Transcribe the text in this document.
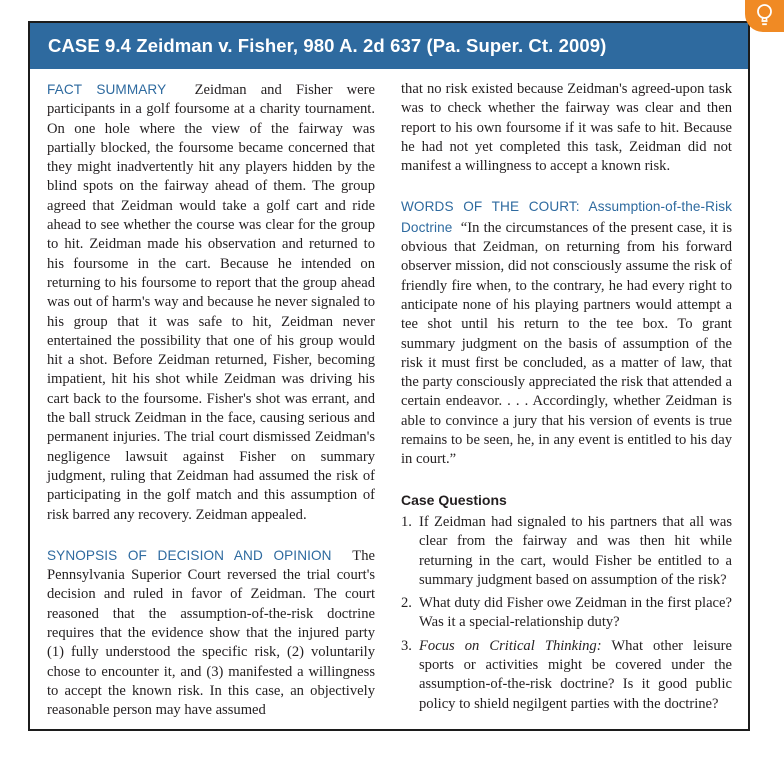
CASE 9.4 Zeidman v. Fisher, 980 A. 2d 637 (Pa. Super. Ct. 2009)

FACT SUMMARY Zeidman and Fisher were participants in a golf foursome at a charity tournament. On one hole where the view of the fairway was partially blocked, the foursome became concerned that they might inadvertently hit any players hidden by the blind spots on the fairway ahead of them. The group agreed that Zeidman would take a golf cart and ride ahead to see whether the course was clear for the group to hit. Zeidman made his observation and returned to his foursome in the cart. Because he intended on returning to his foursome to report that the group ahead was out of harm's way and because he never signaled to his group that it was safe to hit, Zeidman never entertained the possibility that one of his group would hit a shot. Before Zeidman returned, Fisher, becoming impatient, hit his shot while Zeidman was driving his cart back to the foursome. Fisher's shot was errant, and the ball struck Zeidman in the face, causing serious and permanent injuries. The trial court dismissed Zeidman's negligence lawsuit against Fisher on summary judgment, ruling that Zeidman had assumed the risk of participating in the golf match and this assumption of risk barred any recovery. Zeidman appealed.

SYNOPSIS OF DECISION AND OPINION The Pennsylvania Superior Court reversed the trial court's decision and ruled in favor of Zeidman. The court reasoned that the assumption-of-the-risk doctrine requires that the evidence show that the injured party (1) fully understood the specific risk, (2) voluntarily chose to encounter it, and (3) manifested a willingness to accept the known risk. In this case, an objectively reasonable person may have assumed

that no risk existed because Zeidman's agreed-upon task was to check whether the fairway was clear and then report to his own foursome if it was safe to hit. Because he had not yet completed this task, Zeidman did not manifest a willingness to accept a known risk.

WORDS OF THE COURT: Assumption-of-the-Risk Doctrine “In the circumstances of the present case, it is obvious that Zeidman, on returning from his forward observer mission, did not consciously assume the risk of friendly fire when, to the contrary, he had every right to anticipate none of his playing partners would attempt a tee shot until his return to the tee box. To grant summary judgment on the basis of assumption of the risk it must first be concluded, as a matter of law, that the party consciously appreciated the risk that attended a certain endeavor. . . . Accordingly, whether Zeidman is able to convince a jury that his version of events is true remains to be seen, he, in any event is entitled to his day in court.”

Case Questions
1. If Zeidman had signaled to his partners that all was clear from the fairway and was then hit while returning in the cart, would Fisher be entitled to a summary judgment based on assumption of the risk?
2. What duty did Fisher owe Zeidman in the first place? Was it a special-relationship duty?
3. Focus on Critical Thinking: What other leisure sports or activities might be covered under the assumption-of-the-risk doctrine? Is it good public policy to shield negilgent parties with the doctrine?
